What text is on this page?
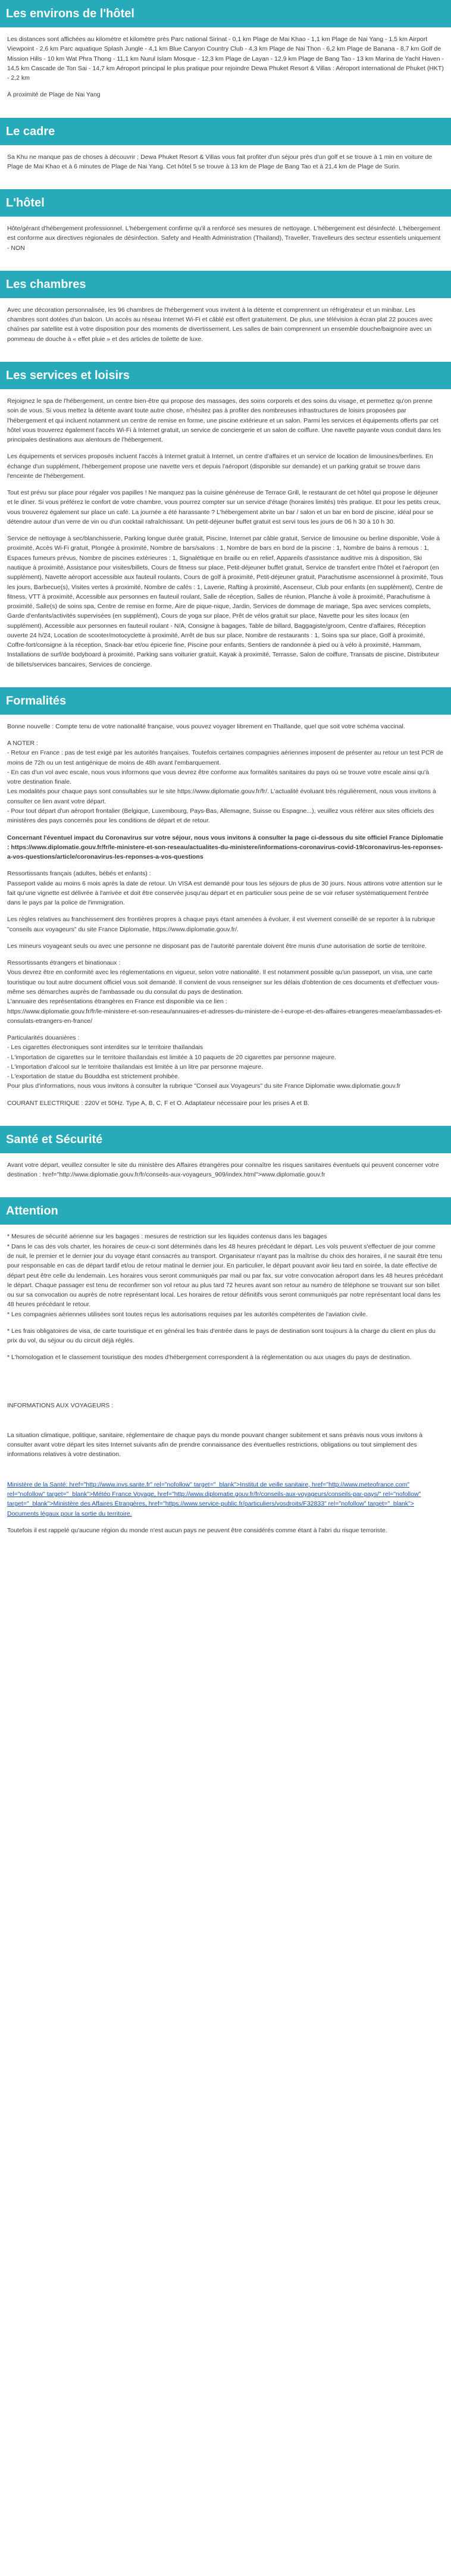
Les environs de l'hôtel

Les distances sont affichées au kilomètre et kilomètre près Parc national Sirinat - 0,1 km Plage de Mai Khao - 1,1 km Plage de Nai Yang - 1,5 km Airport Viewpoint - 2,6 km Parc aquatique Splash Jungle - 4,1 km Blue Canyon Country Club - 4,3 km Plage de Nai Thon - 6,2 km Plage de Banana - 8,7 km Golf de Mission Hills - 10 km Wat Phra Thong - 11,1 km Nurul Islam Mosque - 12,3 km Plage de Layan - 12,9 km Plage de Bang Tao - 13 km Marina de Yacht Haven - 14,5 km Cascade de Ton Sai - 14,7 km Aéroport principal le plus pratique pour rejoindre Dewa Phuket Resort & Villas : Aéroport international de Phuket (HKT) - 2,2 km

À proximité de Plage de Nai Yang

Le cadre

Sa Khu ne manque pas de choses à découvrir ; Dewa Phuket Resort & Villas vous fait profiter d'un séjour près d'un golf et se trouve à 1 min en voiture de Plage de Mai Khao et à 6 minutes de Plage de Nai Yang. Cet hôtel 5 se trouve à 13 km de Plage de Bang Tao et à 21,4 km de Plage de Surin.

L'hôtel

Hôte/gérant d'hébergement professionnel. L'hébergement confirme qu'il a renforcé ses mesures de nettoyage. L'hébergement est désinfecté. L'hébergement est conforme aux directives régionales de désinfection. Safety and Health Administration (Thailand), Traveller, Travelleurs des secteur essentiels uniquement - NON

Les chambres

Avec une décoration personnalisée, les 96 chambres de l'hébergement vous invitent à la détente et comprennent un réfrigérateur et un minibar. Les chambres sont dotées d'un balcon. Un accès au réseau Internet Wi-Fi et câblé est offert gratuitement. De plus, une télévision à écran plat 22 pouces avec chaînes par satellite est à votre disposition pour des moments de divertissement. Les salles de bain comprennent un ensemble douche/baignoire avec un pommeau de douche à « effet pluie » et des articles de toilette de luxe.

Les services et loisirs

Rejoignez le spa de l'hébergement, un centre bien-être qui propose des massages, des soins corporels et des soins du visage, et permettez qu'on prenne soin de vous. Si vous mettez la détente avant toute autre chose, n'hésitez pas à profiter des nombreuses infrastructures de loisirs proposées par l'hébergement et qui incluent notamment un centre de remise en forme, une piscine extérieure et un salon. Parmi les services et équipements offerts par cet hôtel vous trouverez également l'accès Wi-Fi à Internet gratuit, un service de conciergerie et un salon de coiffure. Une navette payante vous conduit dans les principales destinations aux alentours de l'hébergement.

Les équipements et services proposés incluent l'accès à Internet gratuit à Internet, un centre d'affaires et un service de location de limousines/berlines. En échange d'un supplément, l'hébergement propose une navette vers et depuis l'aéroport (disponible sur demande) et un parking gratuit se trouve dans l'enceinte de l'hébergement.

Tout est prévu sur place pour régaler vos papilles ! Ne manquez pas la cuisine généreuse de Terrace Grill, le restaurant de cet hôtel qui propose le déjeuner et le dîner. Si vous préférez le confort de votre chambre, vous pourrez compter sur un service d'étage (horaires limités) très pratique. Et pour les petits creux, vous trouverez également sur place un café. La journée a été harassante ? L'hébergement abrite un bar / salon et un bar en bord de piscine, idéal pour se détendre autour d'un verre de vin ou d'un cocktail rafraîchissant. Un petit-déjeuner buffet gratuit est servi tous les jours de 06 h 30 à 10 h 30.

Service de nettoyage à sec/blanchisserie, Parking longue durée gratuit, Piscine, Internet par câble gratuit, Service de limousine ou berline disponible, Voile à proximité, Accès Wi-Fi gratuit, Plongée à proximité, Nombre de bars/salons : 1, Nombre de bars en bord de la piscine : 1, Nombre de bains à remous : 1, Espaces fumeurs prévus, Nombre de piscines extérieures : 1, Signalétique en braille ou en relief, Appareils d'assistance auditive mis à disposition, Ski nautique à proximité, Assistance pour visites/billets, Cours de fitness sur place, Petit-déjeuner buffet gratuit, Service de transfert entre l'hôtel et l'aéroport (en supplément), Navette aéroport accessible aux fauteuil roulants, Cours de golf à proximité, Petit-déjeuner gratuit, Parachutisme ascensionnel à proximité, Tous les jours, Barbecue(s), Visites vertes à proximité, Nombre de cafés : 1, Laverie, Rafting à proximité, Ascenseur, Club pour enfants (en supplément), Centre de fitness, VTT à proximité, Accessible aux personnes en fauteuil roulant, Salle de réception, Salles de réunion, Planche à voile à proximité, Parachutisme à proximité, Salle(s) de soins spa, Centre de remise en forme, Aire de pique-nique, Jardin, Services de dommage de mariage, Spa avec services complets, Garde d'enfants/activités supervisées (en supplément), Cours de yoga sur place, Prêt de vélos gratuit sur place, Navette pour les sites locaux (en supplément), Accessible aux personnes en fauteuil roulant - N/A, Consigne à bagages, Table de billard, Baggagiste/groom, Centre d'affaires, Réception ouverte 24 h/24, Location de scooter/motocyclette à proximité, Arrêt de bus sur place, Nombre de restaurants : 1, Soins spa sur place, Golf à proximité, Coffre-fort/consigne à la réception, Snack-bar et/ou épicerie fine, Piscine pour enfants, Sentiers de randonnée à pied ou à vélo à proximité, Hammam, Installations de surf/de bodyboard à proximité, Parking sans voiturier gratuit, Kayak à proximité, Terrasse, Salon de coiffure, Transats de piscine, Distributeur de billets/services bancaires, Services de concierge.

Formalités

Bonne nouvelle : Compte tenu de votre nationalité française, vous pouvez voyager librement en Thaïlande, quel que soit votre schéma vaccinal.

A NOTER :
- Retour en France : pas de test exigé par les autorités françaises. Toutefois certaines compagnies aériennes imposent de présenter au retour un test PCR de moins de 72h ou un test antigénique de moins de 48h avant l'embarquement.
- En cas d'un vol avec escale, nous vous informons que vous devrez être conforme aux formalités sanitaires du pays où se trouve votre escale ainsi qu'à votre destination finale.
Les modalités pour chaque pays sont consultables sur le site https://www.diplomatie.gouv.fr/fr/. L'actualité évoluant très régulièrement, nous vous invitons à consulter ce lien avant votre départ.
- Pour tout départ d'un aéroport frontalier (Belgique, Luxembourg, Pays-Bas, Allemagne, Suisse ou Espagne...), veuillez vous référer aux sites officiels des ministères des pays concernés pour les conditions de départ et de retour.

Concernant l'éventuel impact du Coronavirus sur votre séjour, nous vous invitons à consulter la page ci-dessous du site officiel France Diplomatie : https://www.diplomatie.gouv.fr/fr/le-ministere-et-son-reseau/actualites-du-ministere/informations-coronavirus-covid-19/coronavirus-les-reponses-a-vos-questions/article/coronavirus-les-reponses-a-vos-questions

Ressortissants français (adultes, bébés et enfants) :
Passeport valide au moins 6 mois après la date de retour. Un VISA est demandé pour tous les séjours de plus de 30 jours. Nous attirons votre attention sur le fait qu'une vignette est délivrée à l'arrivée et doit être conservée jusqu'au départ et en particulier sous peine de se voir refuser systématiquement l'entrée dans le pays par la police de l'immigration.

Les règles relatives au franchissement des frontières propres à chaque pays étant amenées à évoluer, il est vivement conseillé de se reporter à la rubrique "conseils aux voyageurs" du site France Diplomatie, https://www.diplomatie.gouv.fr/.

Les mineurs voyageant seuls ou avec une personne ne disposant pas de l'autorité parentale doivent être munis d'une autorisation de sortie de territoire.

Ressortissants étrangers et binationaux :
Vous devrez être en conformité avec les réglementations en vigueur, selon votre nationalité. Il est notamment possible qu'un passeport, un visa, une carte touristique ou tout autre document officiel vous soit demandé. Il convient de vous renseigner sur les délais d'obtention de ces documents et d'effectuer vous-même ses démarches auprès de l'ambassade ou du consulat du pays de destination.
L'annuaire des représentations étrangères en France est disponible via ce lien :
https://www.diplomatie.gouv.fr/fr/le-ministere-et-son-reseau/annuaires-et-adresses-du-ministere-de-l-europe-et-des-affaires-etrangeres-meae/ambassades-et-consulats-etrangers-en-france/

Particularités douanières :
- Les cigarettes électroniques sont interdites sur le territoire thaïlandais
- L'importation de cigarettes sur le territoire thaïlandais est limitée à 10 paquets de 20 cigarettes par personne majeure.
- L'importation d'alcool sur le territoire thaïlandais est limitée à un litre par personne majeure.
- L'exportation de statue du Bouddha est strictement prohibée.
Pour plus d'informations, nous vous invitons à consulter la rubrique "Conseil aux Voyageurs" du site France Diplomatie www.diplomatie.gouv.fr

COURANT ELECTRIQUE : 220V et 50Hz. Type A, B, C, F et O. Adaptateur nécessaire pour les prises A et B.

Santé et Sécurité

Avant votre départ, veuillez consulter le site du ministère des Affaires étrangères pour connaître les risques sanitaires éventuels qui peuvent concerner votre destination : href="http://www.diplomatie.gouv.fr/fr/conseils-aux-voyageurs_909/index.html">www.diplomatie.gouv.fr

Attention

* Mesures de sécurité aérienne sur les bagages : mesures de restriction sur les liquides contenus dans les bagages
* Dans le cas des vols charter, les horaires de ceux-ci sont déterminés dans les 48 heures précédant le départ. Les vols peuvent s'effectuer de jour comme de nuit, le premier et le dernier jour du voyage étant consacrés au transport. Organisateur n'ayant pas la maîtrise du choix des horaires, il ne saurait être tenu pour responsable en cas de départ tardif et/ou de retour matinal le dernier jour. En particulier, le départ pouvant avoir lieu tard en soirée, la date effective de départ peut être celle du lendemain. Les horaires vous seront communiqués par mail ou par fax, sur votre convocation aéroport dans les 48 heures précédant le départ. Chaque passager est tenu de reconfirmer son vol retour au plus tard 72 heures avant son retour au numéro de téléphone se trouvant sur son billet ou sur sa convocation ou auprès de notre représentant local. Les horaires de retour définitifs vous seront communiqués par notre représentant local dans les 48 heures précédant le retour.
* Les compagnies aériennes utilisées sont toutes reçus les autorisations requises par les autorités compétentes de l'aviation civile.

* Les frais obligatoires de visa, de carte touristique et en général les frais d'entrée dans le pays de destination sont toujours à la charge du client en plus du prix du vol, du séjour ou du circuit déjà réglés.

* L'homologation et le classement touristique des modes d'hébergement correspondent à la réglementation ou aux usages du pays de destination.

INFORMATIONS AUX VOYAGEURS :

La situation climatique, politique, sanitaire, réglementaire de chaque pays du monde pouvant changer subitement et sans préavis nous vous invitons à consulter avant votre départ les sites Internet suivants afin de prendre connaissance des éventuelles restrictions, obligations ou tout simplement des informations relatives à votre destination.

Ministère de la Santé: href="http://www.invs.sante.fr" rel="nofollow" target="_blank">Institut de veille sanitaire, href="http://www.meteofrance.com" rel="nofollow" target="_blank">Météo France Voyage, href="http://www.diplomatie.gouv.fr/fr/conseils-aux-voyageurs/conseils-par-pays/" rel="nofollow" target="_blank">Ministère des Affaires Étrangères, href="https://www.service-public.fr/particuliers/vosdroits/F32833" rel="nofollow" target="_blank"> Documents légaux pour la sortie du territoire.

Toutefois il est rappelé qu'aucune région du monde n'est aucun pays ne peuvent être considérés comme étant à l'abri du risque terroriste.
